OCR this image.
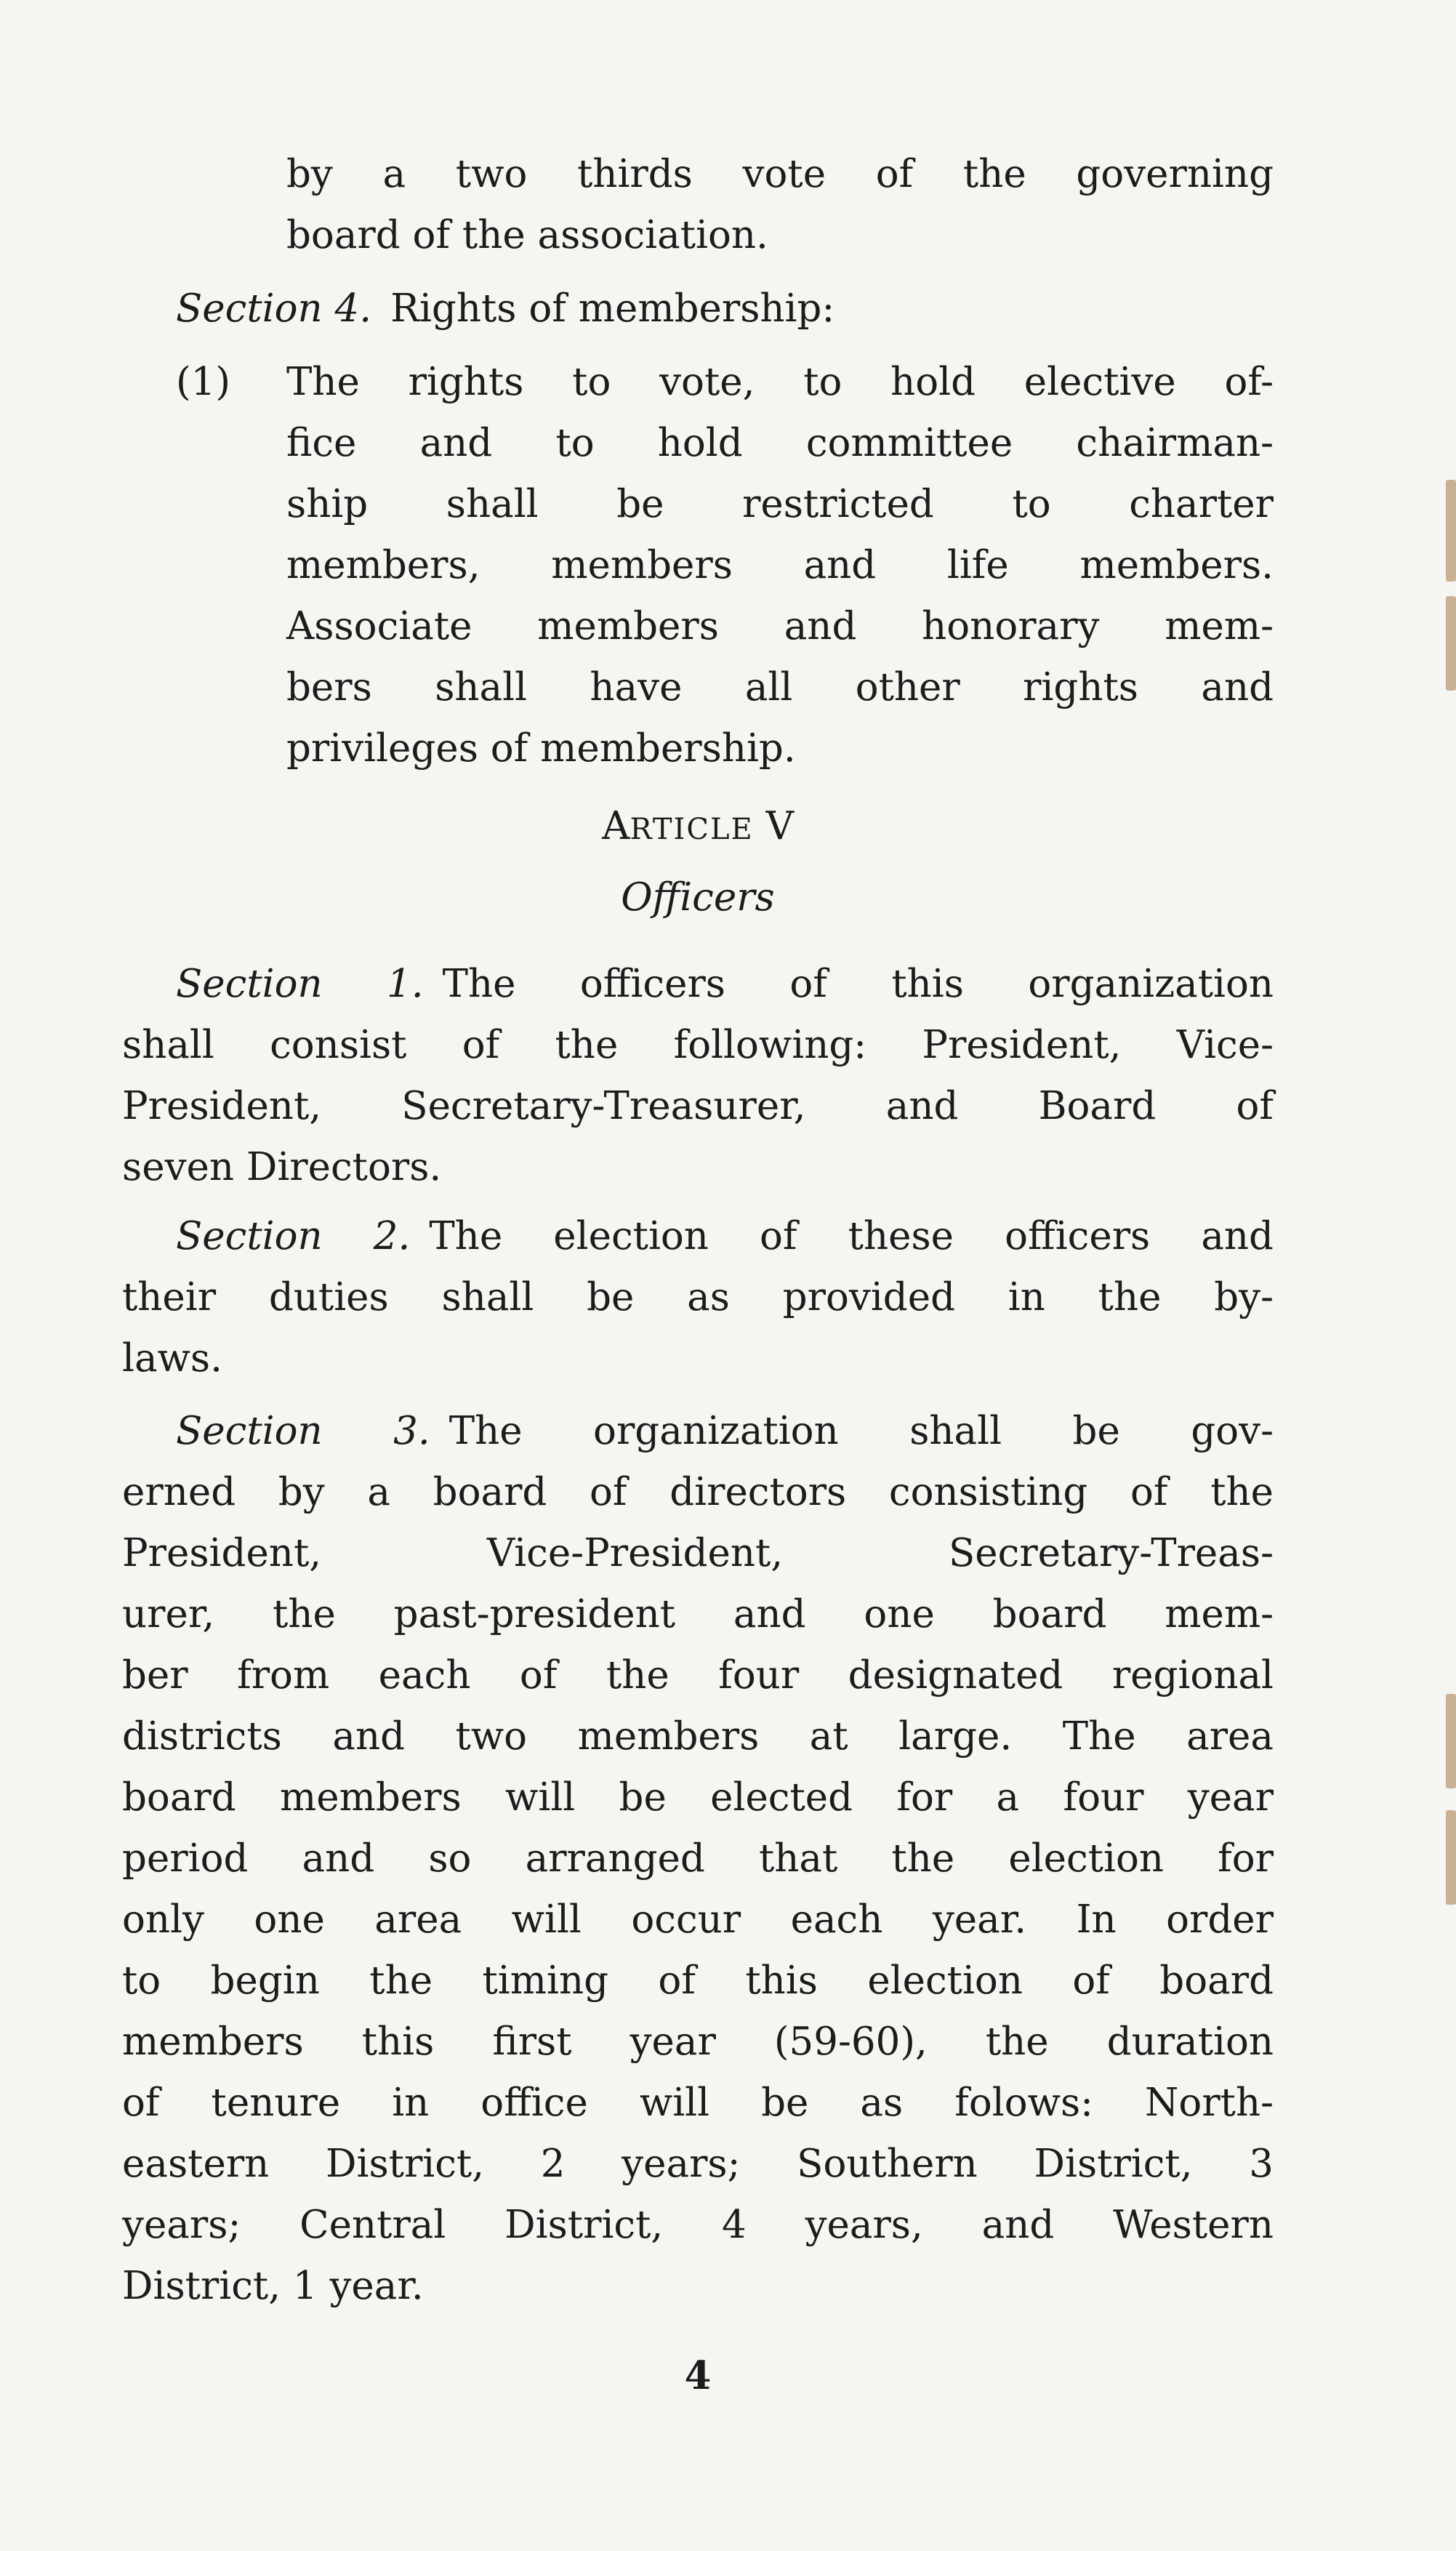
by a two thirds vote of the governing
board of the association.
Section 4. Rights of membership:
(1) The rights to vote, to hold elective of-
fice and to hold committee chairman-
ship shall be restricted to charter
members, members and life members.
Associate members and honorary mem-
bers shall have all other rights and
privileges of membership.
ARTICLE V
Officers
Section 1. The officers of this organization
shall consist of the following: President, Vice-
President, Secretary-Treasurer, and Board of
seven Directors.
Section 2. The election of these officers and
their duties shall be as provided in the by-
laws.
Section 3. The organization shall be gov-
erned by a board of directors consisting of the
President, Vice-President, Secretary-Treas-
urer, the past-president and one board mem-
ber from each of the four designated regional
districts and two members at large. The area
board members will be elected for a four year
period and so arranged that the election for
only one area will occur each year. In order
to begin the timing of this election of board
members this first year (59-60), the duration
of tenure in office will be as folows: North-
eastern District, 2 years; Southern District, 3
years; Central District, 4 years, and Western
District, 1 year.
4
